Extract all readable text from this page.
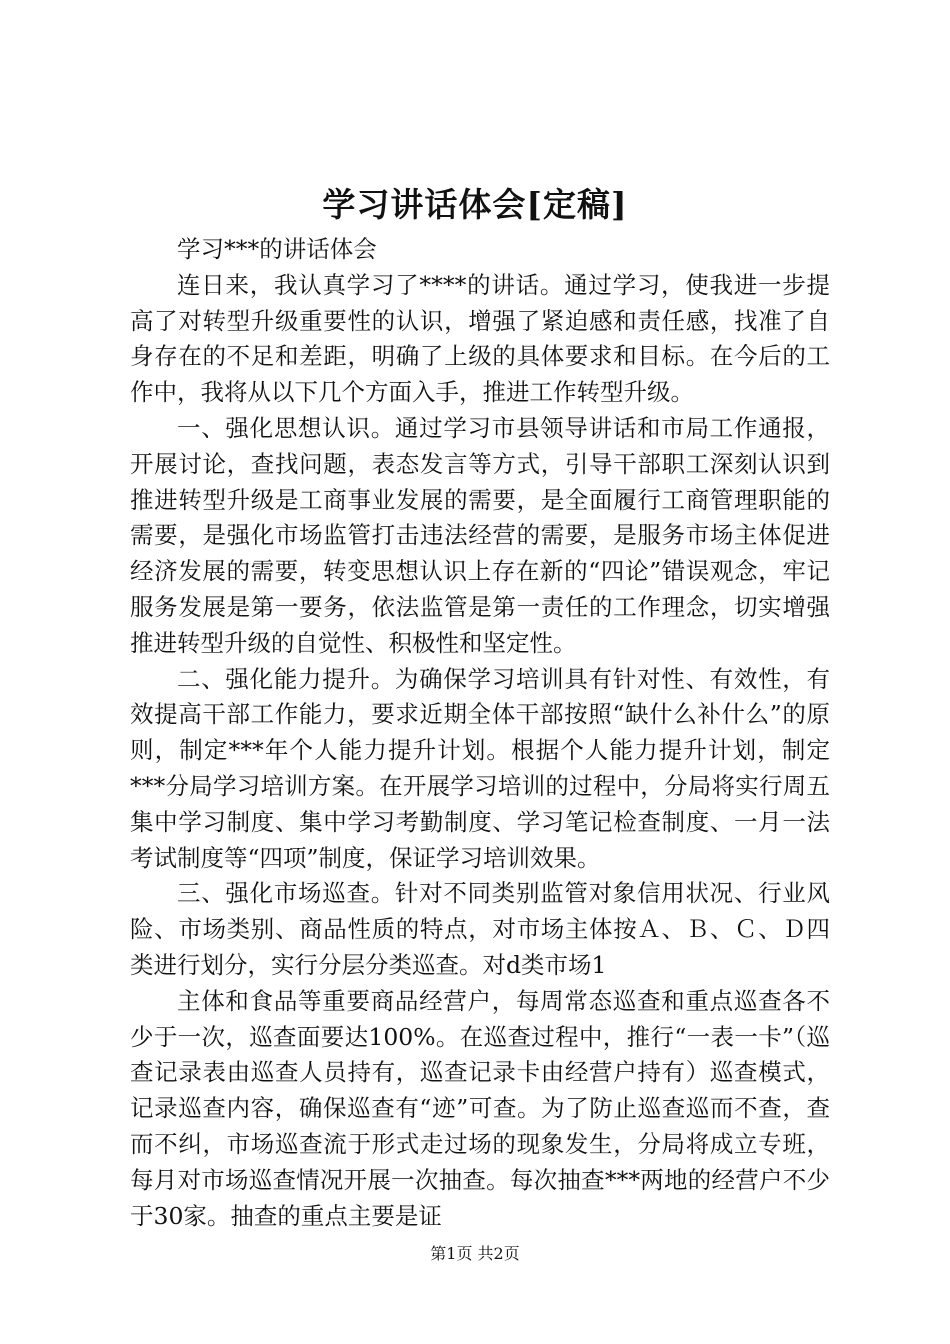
学习讲话体会[定稿]

学习***的讲话体会

连日来，我认真学习了****的讲话。通过学习，使我进一步提高了对转型升级重要性的认识，增强了紧迫感和责任感，找准了自身存在的不足和差距，明确了上级的具体要求和目标。在今后的工作中，我将从以下几个方面入手，推进工作转型升级。

一、强化思想认识。通过学习市县领导讲话和市局工作通报，开展讨论，查找问题，表态发言等方式，引导干部职工深刻认识到推进转型升级是工商事业发展的需要，是全面履行工商管理职能的需要，是强化市场监管打击违法经营的需要，是服务市场主体促进经济发展的需要，转变思想认识上存在新的“四论”错误观念，牢记服务发展是第一要务，依法监管是第一责任的工作理念，切实增强推进转型升级的自觉性、积极性和坚定性。

二、强化能力提升。为确保学习培训具有针对性、有效性，有效提高干部工作能力，要求近期全体干部按照“缺什么补什么”的原则，制定***年个人能力提升计划。根据个人能力提升计划，制定***分局学习培训方案。在开展学习培训的过程中，分局将实行周五集中学习制度、集中学习考勤制度、学习笔记检查制度、一月一法考试制度等“四项”制度，保证学习培训效果。

三、强化市场巡查。针对不同类别监管对象信用状况、行业风险、市场类别、商品性质的特点，对市场主体按Ａ、Ｂ、Ｃ、Ｄ四类进行划分，实行分层分类巡查。对d类市场1

主体和食品等重要商品经营户，每周常态巡查和重点巡查各不少于一次，巡查面要达100%。在巡查过程中，推行“一表一卡”（巡查记录表由巡查人员持有，巡查记录卡由经营户持有）巡查模式，记录巡查内容，确保巡查有“迹”可查。为了防止巡查巡而不查，查而不纠，市场巡查流于形式走过场的现象发生，分局将成立专班，每月对市场巡查情况开展一次抽查。每次抽查***两地的经营户不少于30家。抽查的重点主要是证

第1页 共2页
